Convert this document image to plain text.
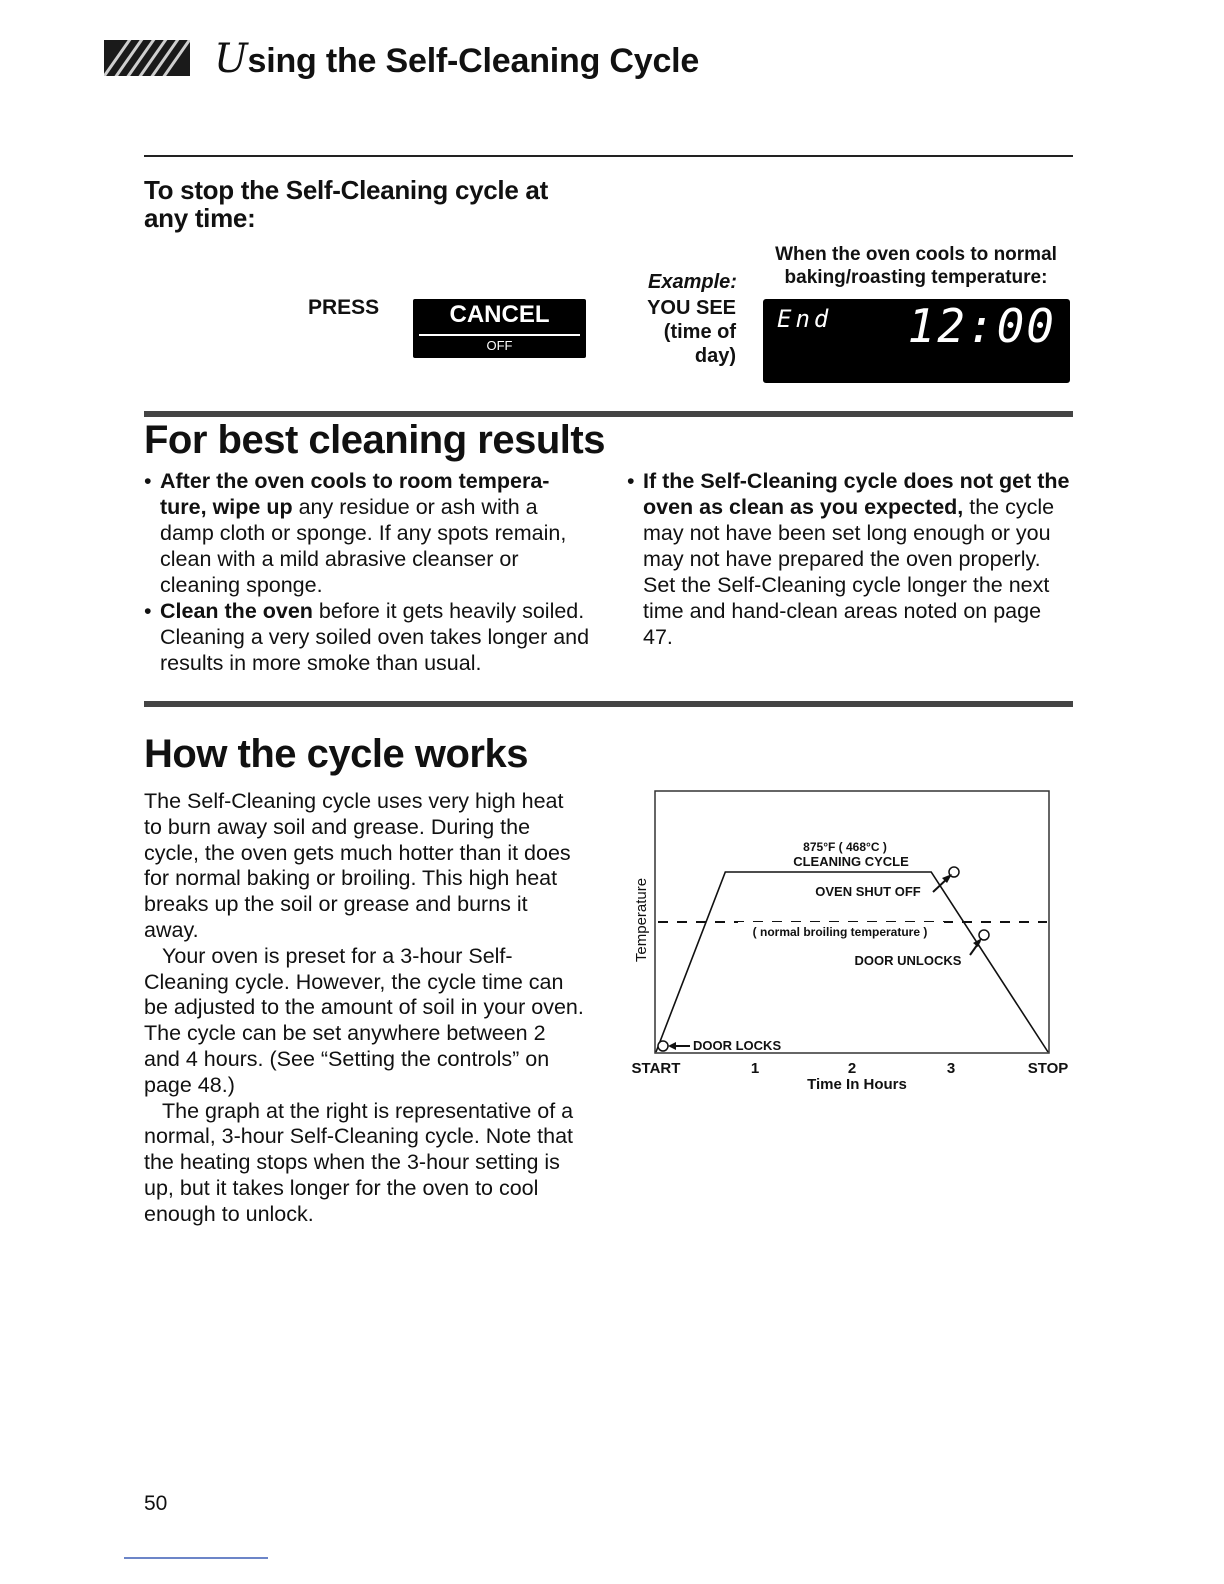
Using the Self-Cleaning Cycle
To stop the Self-Cleaning cycle at
any time:
PRESS	CANCEL
OFF
Example:
YOU SEE
(time of
day)
When the oven cools to normal
baking/roasting temperature:
End 12:00
For best cleaning results
• After the oven cools to room tempera-ture, wipe up any residue or ash with a damp cloth or sponge. If any spots remain, clean with a mild abrasive cleanser or cleaning sponge.
• Clean the oven before it gets heavily soiled. Cleaning a very soiled oven takes longer and results in more smoke than usual.
• If the Self-Cleaning cycle does not get the oven as clean as you expected, the cycle may not have been set long enough or you may not have prepared the oven properly. Set the Self-Cleaning cycle longer the next time and hand-clean areas noted on page 47.
How the cycle works

The Self-Cleaning cycle uses very high heat to burn away soil and grease. During the cycle, the oven gets much hotter than it does for normal baking or broiling. This high heat breaks up the soil or grease and burns it away.

Your oven is preset for a 3-hour Self-Cleaning cycle. However, the cycle time can be adjusted to the amount of soil in your oven. The cycle can be set anywhere between 2 and 4 hours. (See “Setting the controls” on page 48.)

The graph at the right is representative of a normal, 3-hour Self-Cleaning cycle. Note that the heating stops when the 3-hour setting is up, but it takes longer for the oven to cool enough to unlock.

875°F ( 468°C )
CLEANING CYCLE
OVEN SHUT OFF
( normal broiling temperature )
DOOR UNLOCKS
DOOR LOCKS
Temperature
START	1	2	3	STOP
Time In Hours
50
